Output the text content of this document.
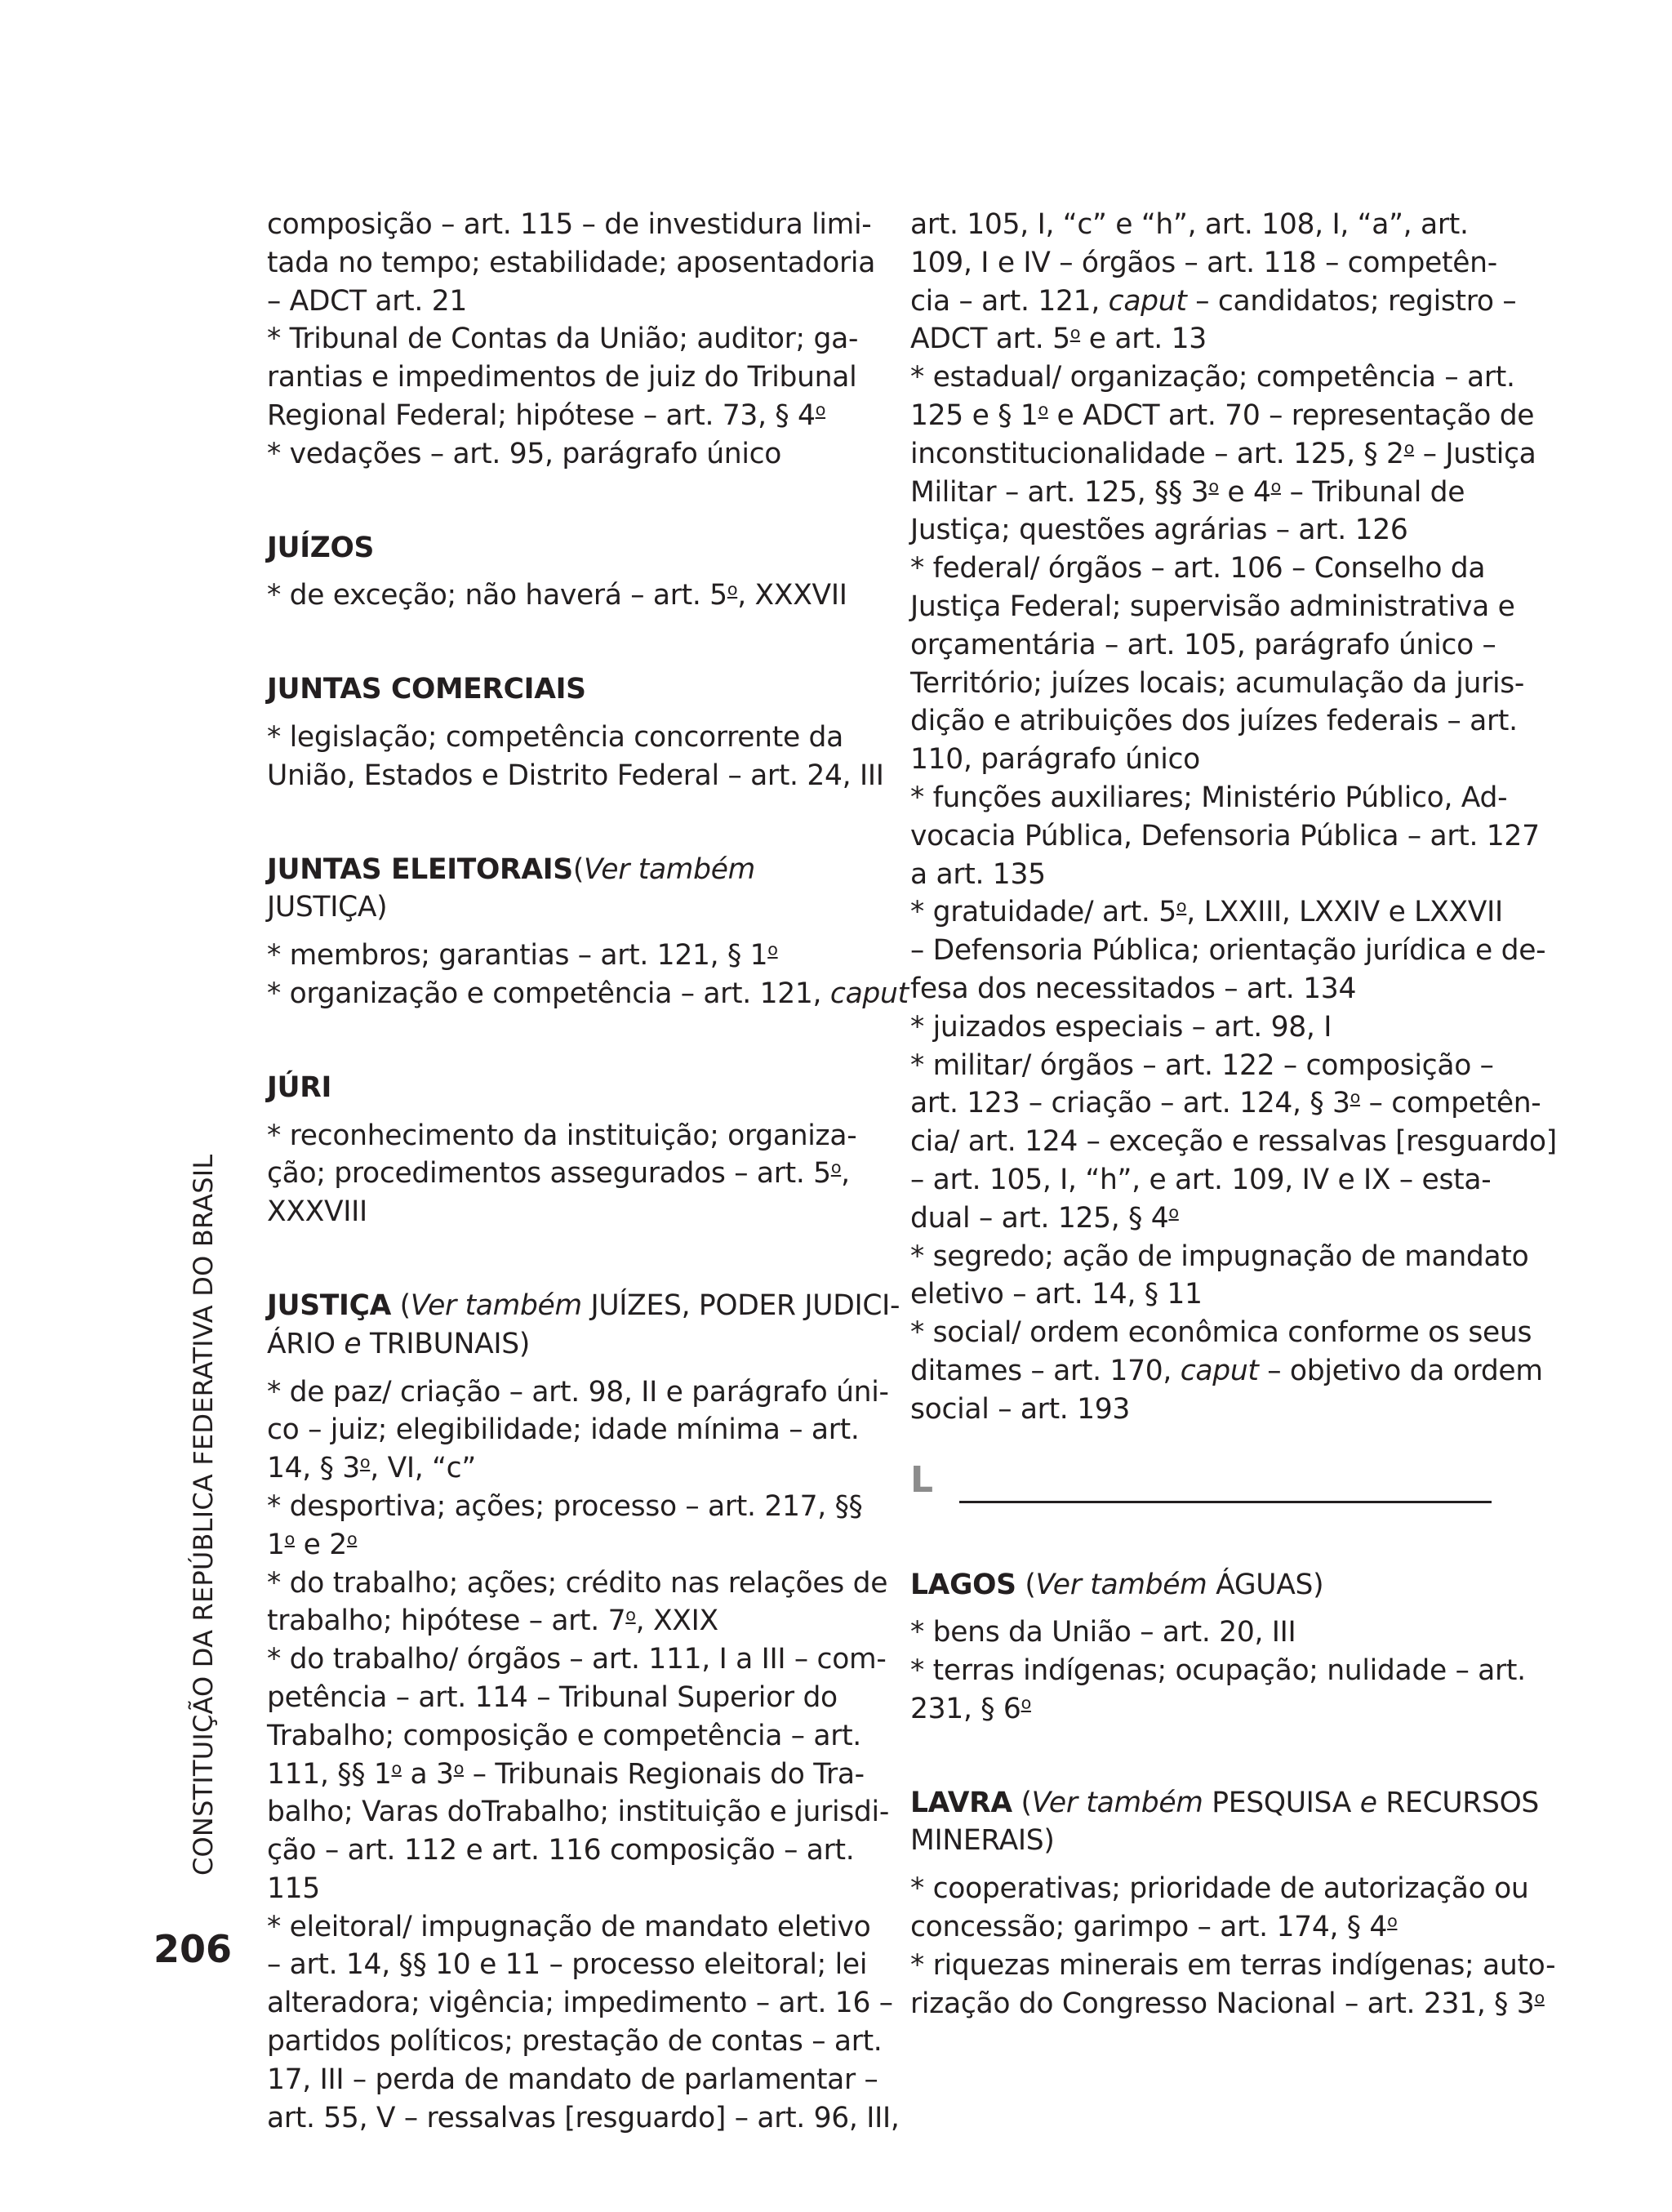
CONSTITUIÇÃO DA REPÚBLICA FEDERATIVA DO BRASIL
206
composição – art. 115 – de investidura limi-
tada no tempo; estabilidade; aposentadoria
– ADCT art. 21
* Tribunal de Contas da União; auditor; ga-
rantias e impedimentos de juiz do Tribunal
Regional Federal; hipótese – art. 73, § 4$^o$
* vedações – art. 95, parágrafo único
JUÍZOS
* de exceção; não haverá – art. 5$^o$, XXXVII
JUNTAS COMERCIAIS
* legislação; competência concorrente da
União, Estados e Distrito Federal – art. 24, III
JUNTAS ELEITORAIS(Ver também JUSTIÇA)
* membros; garantias – art. 121, § 1$^o$
* organização e competência – art. 121, caput
JÚRI
* reconhecimento da instituição; organiza-
ção; procedimentos assegurados – art. 5$^o$,
XXXVIII
JUSTIÇA (Ver também JUÍZES, PODER JUDICI-
ÁRIO e TRIBUNAIS)
* de paz/ criação – art. 98, II e parágrafo úni-
co – juiz; elegibilidade; idade mínima – art.
14, § 3$^o$, VI, “c”
* desportiva; ações; processo – art. 217, §§
1$^o$ e 2$^o$
* do trabalho; ações; crédito nas relações de
trabalho; hipótese – art. 7$^o$, XXIX
* do trabalho/ órgãos – art. 111, I a III – com-
petência – art. 114 – Tribunal Superior do
Trabalho; composição e competência – art.
111, §§ 1$^o$ a 3$^o$ – Tribunais Regionais do Tra-
balho; Varas doTrabalho; instituição e jurisdi-
ção – art. 112 e art. 116 composição – art.
115
* eleitoral/ impugnação de mandato eletivo
– art. 14, §§ 10 e 11 – processo eleitoral; lei
alteradora; vigência; impedimento – art. 16 –
partidos políticos; prestação de contas – art.
17, III – perda de mandato de parlamentar –
art. 55, V – ressalvas [resguardo] – art. 96, III,
art. 105, I, “c” e “h”, art. 108, I, “a”, art.
109, I e IV – órgãos – art. 118 – competên-
cia – art. 121, caput – candidatos; registro –
ADCT art. 5$^o$ e art. 13
* estadual/ organização; competência – art.
125 e § 1$^o$ e ADCT art. 70 – representação de
inconstitucionalidade – art. 125, § 2$^o$ – Justiça
Militar – art. 125, §§ 3$^o$ e 4$^o$ – Tribunal de
Justiça; questões agrárias – art. 126
* federal/ órgãos – art. 106 – Conselho da
Justiça Federal; supervisão administrativa e
orçamentária – art. 105, parágrafo único –
Território; juízes locais; acumulação da juris-
dição e atribuições dos juízes federais – art.
110, parágrafo único
* funções auxiliares; Ministério Público, Ad-
vocacia Pública, Defensoria Pública – art. 127
a art. 135
* gratuidade/ art. 5$^o$, LXXIII, LXXIV e LXXVII
– Defensoria Pública; orientação jurídica e de-
fesa dos necessitados – art. 134
* juizados especiais – art. 98, I
* militar/ órgãos – art. 122 – composição –
art. 123 – criação – art. 124, § 3$^o$ – competên-
cia/ art. 124 – exceção e ressalvas [resguardo]
– art. 105, I, “h”, e art. 109, IV e IX – esta-
dual – art. 125, § 4$^o$
* segredo; ação de impugnação de mandato
eletivo – art. 14, § 11
* social/ ordem econômica conforme os seus
ditames – art. 170, caput – objetivo da ordem
social – art. 193
L
LAGOS (Ver também ÁGUAS)
* bens da União – art. 20, III
* terras indígenas; ocupação; nulidade – art.
231, § 6$^o$
LAVRA (Ver também PESQUISA e RECURSOS
MINERAIS)
* cooperativas; prioridade de autorização ou
concessão; garimpo – art. 174, § 4$^o$
* riquezas minerais em terras indígenas; auto-
rização do Congresso Nacional – art. 231, § 3$^o$
